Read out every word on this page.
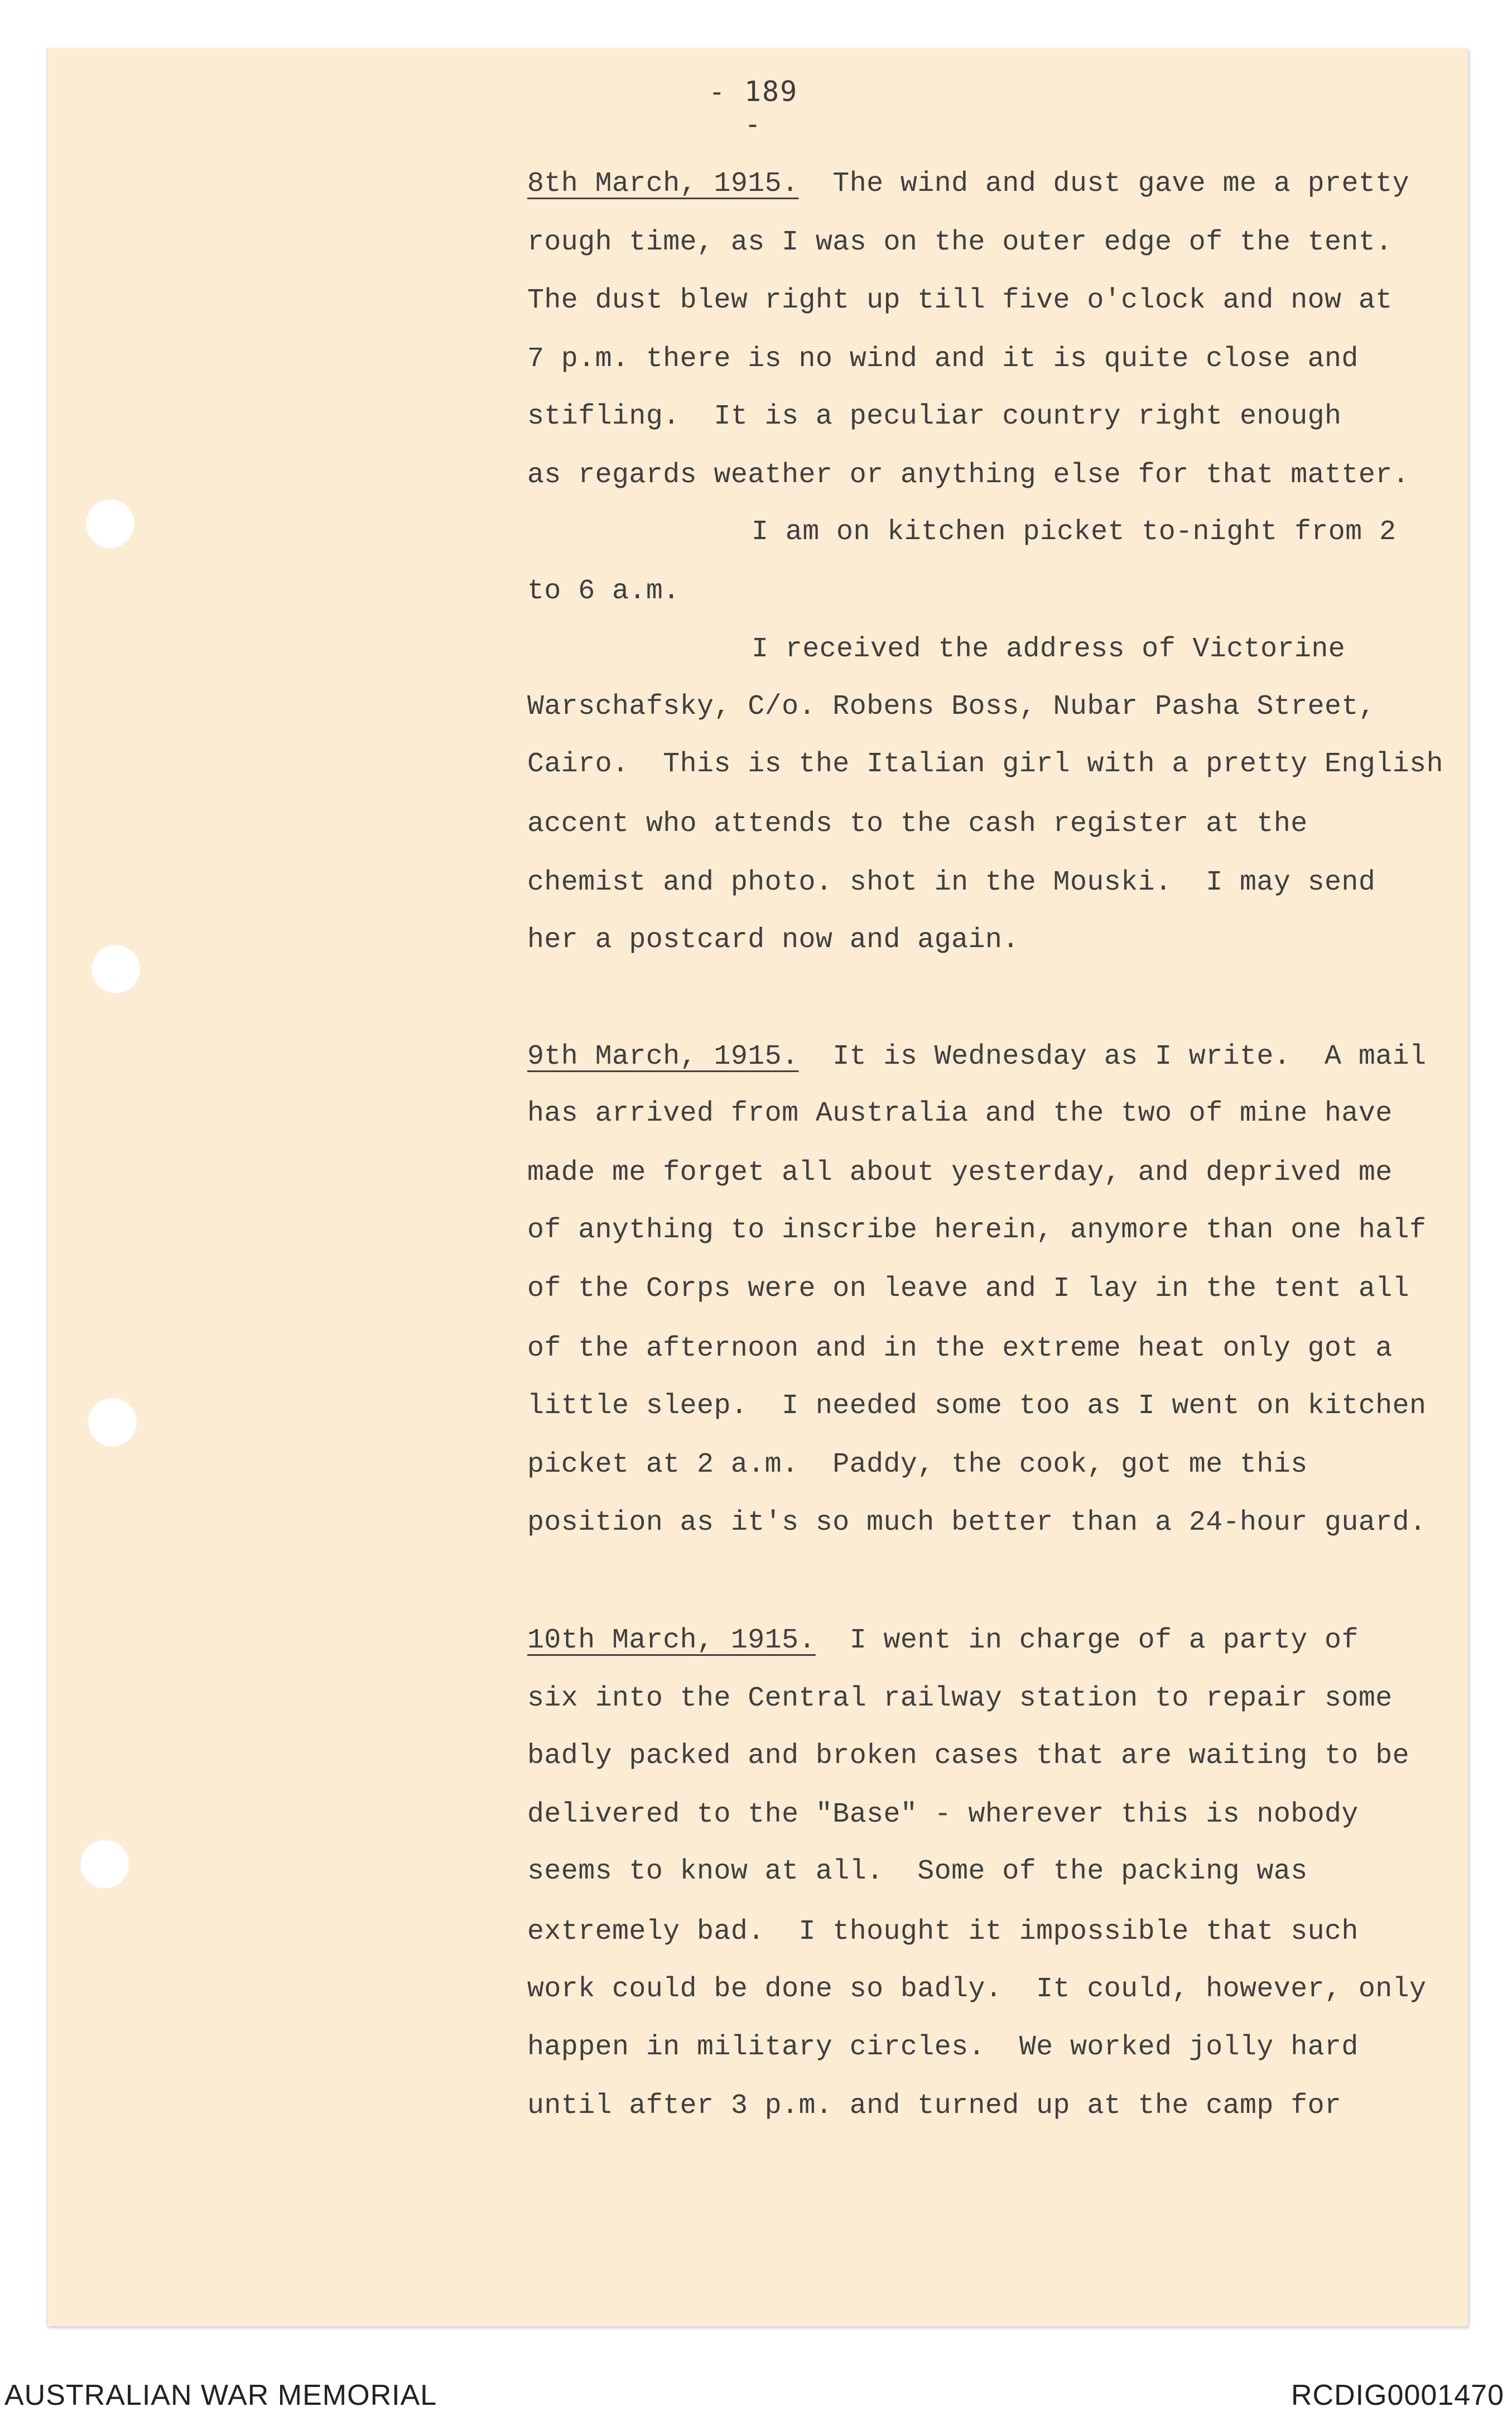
- 189 -
8th March, 1915. The wind and dust gave me a pretty
rough time, as I was on the outer edge of the tent.
The dust blew right up till five o'clock and now at
7 p.m. there is no wind and it is quite close and
stifling.  It is a peculiar country right enough
as regards weather or anything else for that matter.
I am on kitchen picket to-night from 2
to 6 a.m.
I received the address of Victorine
Warschafsky, C/o. Robens Boss, Nubar Pasha Street,
Cairo.  This is the Italian girl with a pretty English
accent who attends to the cash register at the
chemist and photo. shot in the Mouski.  I may send
her a postcard now and again.
9th March, 1915. It is Wednesday as I write.  A mail
has arrived from Australia and the two of mine have
made me forget all about yesterday, and deprived me
of anything to inscribe herein, anymore than one half
of the Corps were on leave and I lay in the tent all
of the afternoon and in the extreme heat only got a
little sleep.  I needed some too as I went on kitchen
picket at 2 a.m.  Paddy, the cook, got me this
position as it's so much better than a 24-hour guard.
10th March, 1915. I went in charge of a party of
six into the Central railway station to repair some
badly packed and broken cases that are waiting to be
delivered to the "Base" - wherever this is nobody
seems to know at all.  Some of the packing was
extremely bad.  I thought it impossible that such
work could be done so badly.  It could, however, only
happen in military circles.  We worked jolly hard
until after 3 p.m. and turned up at the camp for
AUSTRALIAN WAR MEMORIAL	RCDIG0001470
